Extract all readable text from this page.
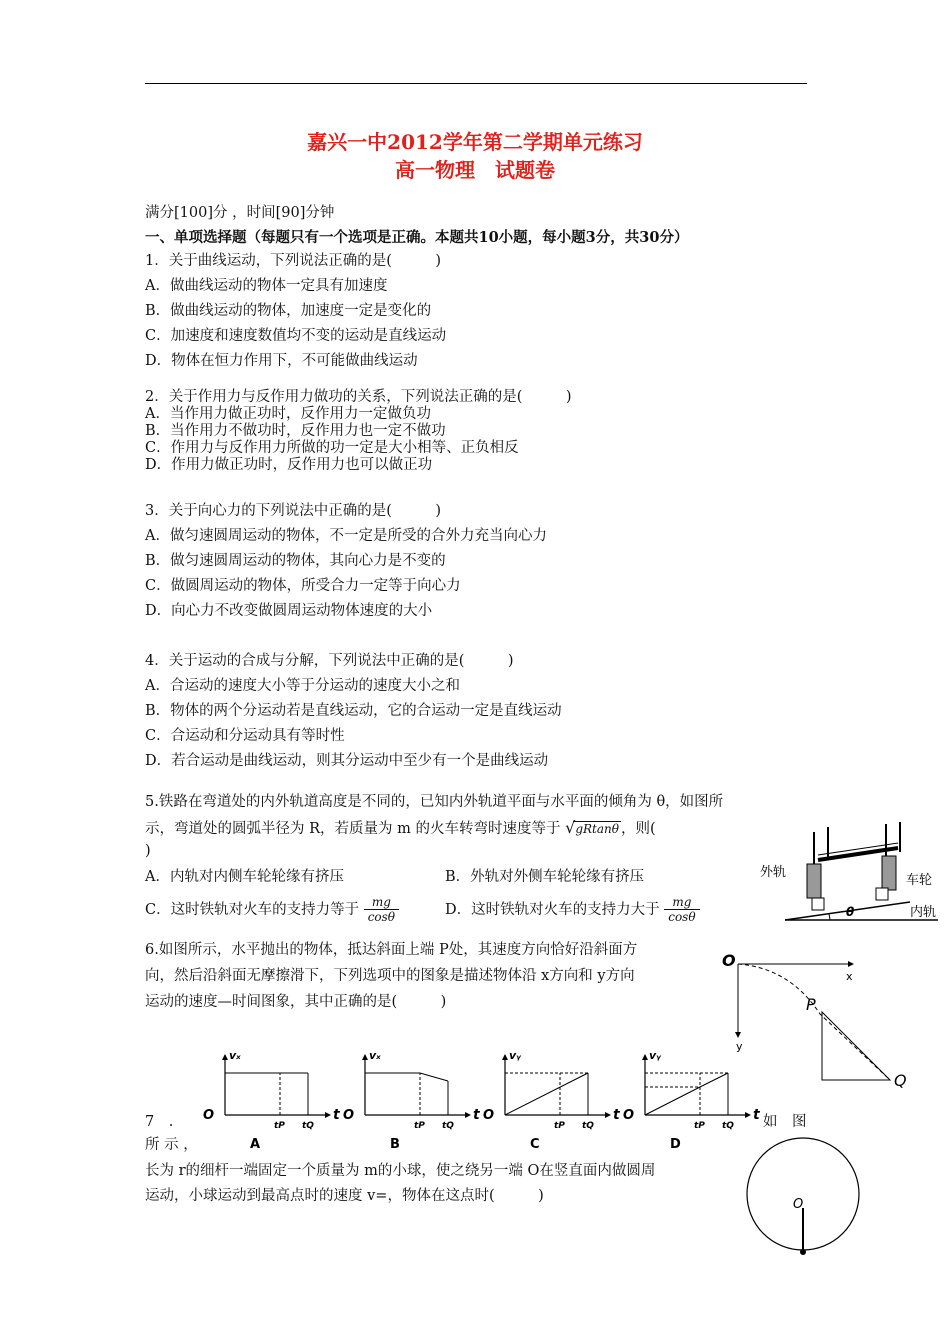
嘉兴一中2012学年第二学期单元练习
高一物理　试题卷
满分[100]分 ，时间[90]分钟
一、单项选择题（每题只有一个选项是正确。本题共10小题，每小题3分，共30分）
1．关于曲线运动，下列说法正确的是(　　　)
A．做曲线运动的物体一定具有加速度
B．做曲线运动的物体，加速度一定是变化的
C．加速度和速度数值均不变的运动是直线运动
D．物体在恒力作用下，不可能做曲线运动
2．关于作用力与反作用力做功的关系，下列说法正确的是(　　　)
A．当作用力做正功时，反作用力一定做负功
B．当作用力不做功时，反作用力也一定不做功
C．作用力与反作用力所做的功一定是大小相等、正负相反
D．作用力做正功时，反作用力也可以做正功
3．关于向心力的下列说法中正确的是(　　　)
A．做匀速圆周运动的物体，不一定是所受的合外力充当向心力
B．做匀速圆周运动的物体，其向心力是不变的
C．做圆周运动的物体，所受合力一定等于向心力
D．向心力不改变做圆周运动物体速度的大小
4．关于运动的合成与分解，下列说法中正确的是(　　　)
A．合运动的速度大小等于分运动的速度大小之和
B．物体的两个分运动若是直线运动，它的合运动一定是直线运动
C．合运动和分运动具有等时性
D．若合运动是曲线运动，则其分运动中至少有一个是曲线运动
5.铁路在弯道处的内外轨道高度是不同的，已知内外轨道平面与水平面的倾角为 θ，如图所
示，弯道处的圆弧半径为 R，若质量为 m 的火车转弯时速度等于 √gRtanθ ，则(
)
A．内轨对内侧车轮轮缘有挤压	B．外轨对外侧车轮轮缘有挤压
C．这时铁轨对火车的支持力等于 $\frac{mg}{\cos\theta}$	D．这时铁轨对火车的支持力大于 $\frac{mg}{\cos\theta}$
外轨
车轮
内轨
θ
6.如图所示，水平抛出的物体，抵达斜面上端 P处，其速度方向恰好沿斜面方
向，然后沿斜面无摩擦滑下，下列选项中的图象是描述物体沿 x方向和 y方向
运动的速度—时间图象，其中正确的是(　　　)
O
x
y
P
Q
O	t
vₓ
tP tQ
A
O	t
vₓ
tP tQ
B
O	t
vᵧ
tP tQ
C
O	t
vᵧ
tP tQ
D
7　.	如　图
所 示 ，
长为 r的细杆一端固定一个质量为 m的小球，使之绕另一端 O在竖直面内做圆周
运动，小球运动到最高点时的速度 v=，物体在这点时(　　　)
O
